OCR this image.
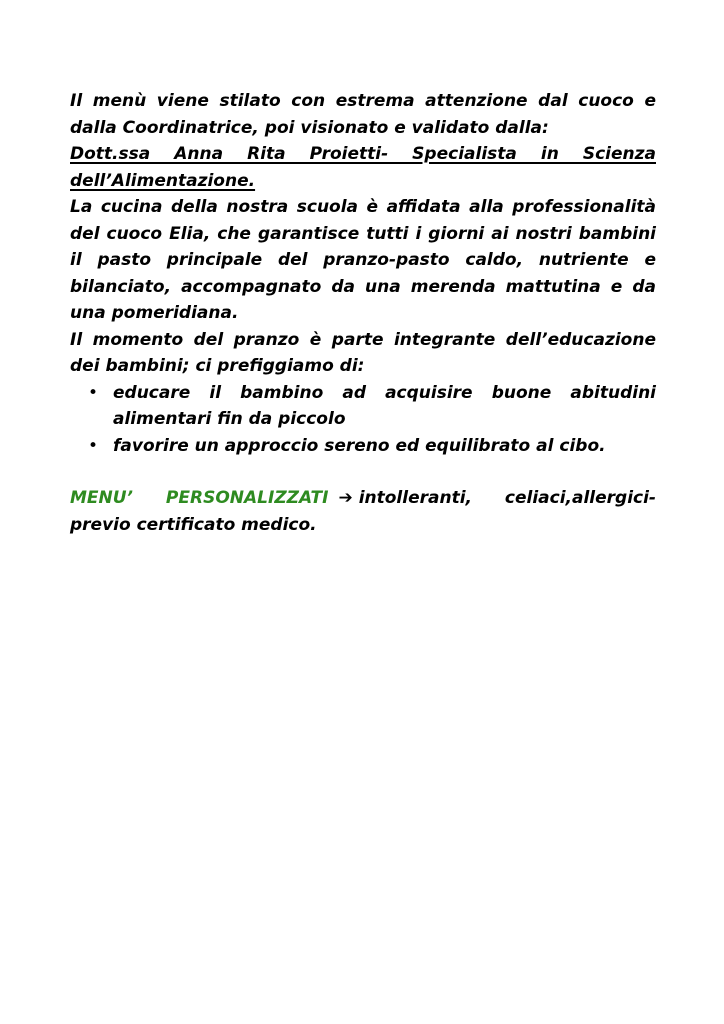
Il menù viene stilato con estrema attenzione dal cuoco e
dalla Coordinatrice, poi visionato e validato dalla:

Dott.ssa Anna Rita Proietti- Specialista in Scienza dell’Alimentazione.

La cucina della nostra scuola è affidata alla professionalità del cuoco Elia, che garantisce tutti i giorni ai nostri bambini il pasto principale del pranzo-pasto caldo, nutriente e bilanciato, accompagnato da una merenda mattutina e da una pomeridiana.

Il momento del pranzo è parte integrante dell’educazione dei bambini; ci prefiggiamo di:

• educare il bambino ad acquisire buone abitudini alimentari fin da piccolo
• favorire un approccio sereno ed equilibrato al cibo.

MENU’ PERSONALIZZATI ➔ intolleranti, celiaci,allergici-
previo certificato medico.
